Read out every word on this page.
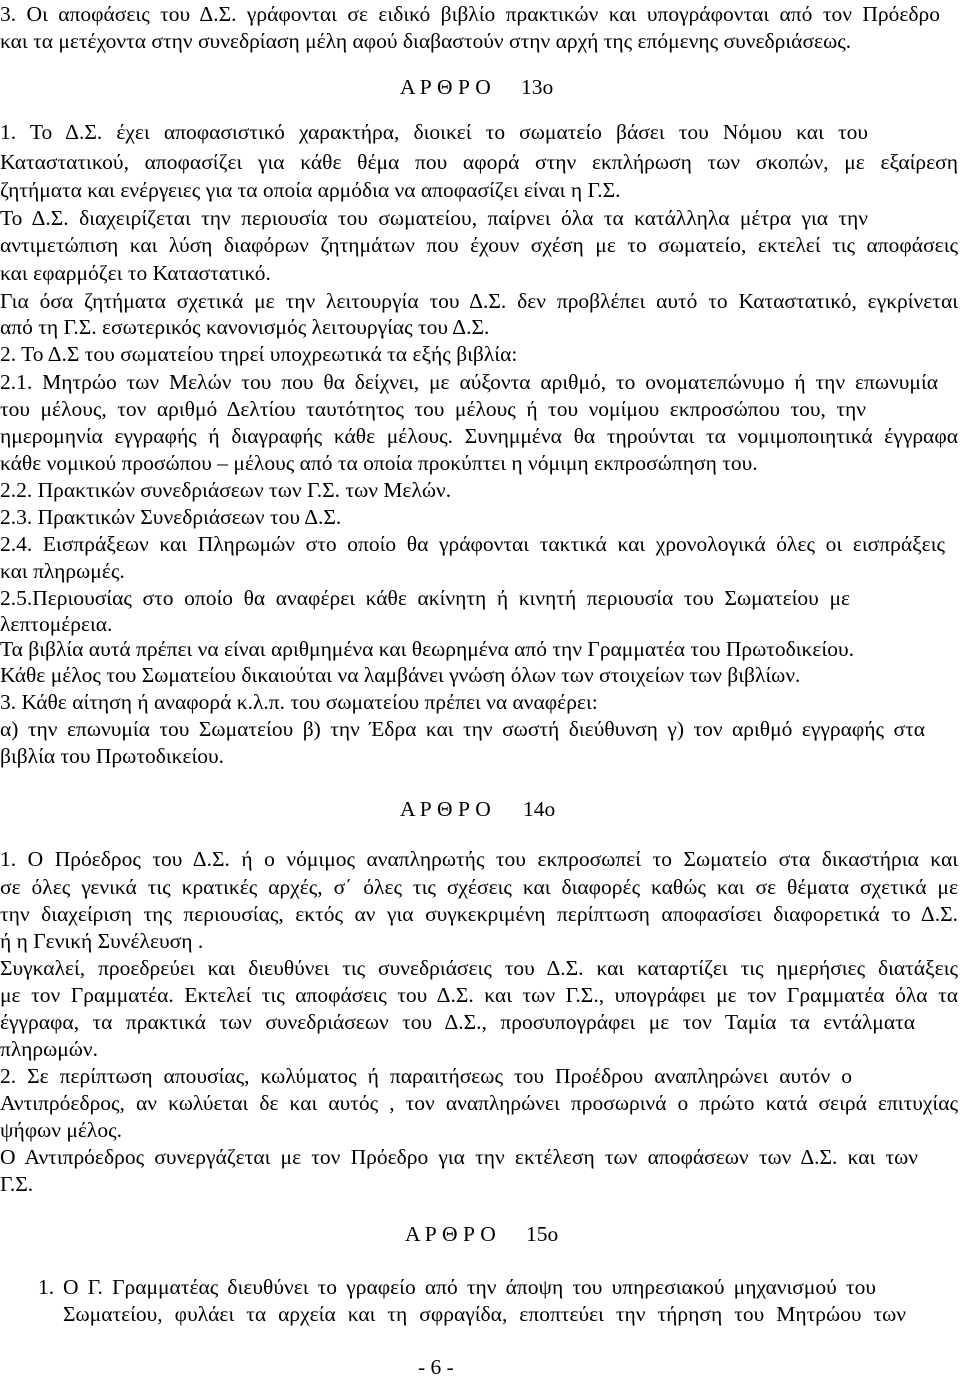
3. Οι αποφάσεις του Δ.Σ. γράφονται σε ειδικό βιβλίο πρακτικών και υπογράφονται από τον Πρόεδρο
και τα μετέχοντα στην συνεδρίαση μέλη αφού διαβαστούν στην αρχή της επόμενης συνεδριάσεως.
Α Ρ Θ Ρ Ο 13ο
1. Το Δ.Σ. έχει αποφασιστικό χαρακτήρα, διοικεί το σωματείο βάσει του Νόμου και του
Καταστατικού, αποφασίζει για κάθε θέμα που αφορά στην εκπλήρωση των σκοπών, με εξαίρεση
ζητήματα και ενέργειες για τα οποία αρμόδια να αποφασίζει είναι η Γ.Σ.
Το Δ.Σ. διαχειρίζεται την περιουσία του σωματείου, παίρνει όλα τα κατάλληλα μέτρα για την
αντιμετώπιση και λύση διαφόρων ζητημάτων που έχουν σχέση με το σωματείο, εκτελεί τις αποφάσεις
και εφαρμόζει το Καταστατικό.
Για όσα ζητήματα σχετικά με την λειτουργία του Δ.Σ. δεν προβλέπει αυτό το Καταστατικό, εγκρίνεται
από τη Γ.Σ. εσωτερικός κανονισμός λειτουργίας του Δ.Σ.
2. Το Δ.Σ του σωματείου τηρεί υποχρεωτικά τα εξής βιβλία:
2.1. Μητρώο των Μελών του που θα δείχνει, με αύξοντα αριθμό, το ονοματεπώνυμο ή την επωνυμία
του μέλους, τον αριθμό Δελτίου ταυτότητος του μέλους ή του νομίμου εκπροσώπου του, την
ημερομηνία εγγραφής ή διαγραφής κάθε μέλους. Συνημμένα θα τηρούνται τα νομιμοποιητικά έγγραφα
κάθε νομικού προσώπου – μέλους από τα οποία προκύπτει η νόμιμη εκπροσώπηση του.
2.2. Πρακτικών συνεδριάσεων των Γ.Σ. των Μελών.
2.3. Πρακτικών Συνεδριάσεων του Δ.Σ.
2.4. Εισπράξεων και Πληρωμών στο οποίο θα γράφονται τακτικά και χρονολογικά όλες οι εισπράξεις
και πληρωμές.
2.5.Περιουσίας στο οποίο θα αναφέρει κάθε ακίνητη ή κινητή περιουσία του Σωματείου με
λεπτομέρεια.
Τα βιβλία αυτά πρέπει να είναι αριθμημένα και θεωρημένα από την Γραμματέα του Πρωτοδικείου.
Κάθε μέλος του Σωματείου δικαιούται να λαμβάνει γνώση όλων των στοιχείων των βιβλίων.
3. Κάθε αίτηση ή αναφορά κ.λ.π. του σωματείου πρέπει να αναφέρει:
α) την επωνυμία του Σωματείου β) την Έδρα και την σωστή διεύθυνση γ) τον αριθμό εγγραφής στα
βιβλία του Πρωτοδικείου.
Α Ρ Θ Ρ Ο 14ο
1. Ο Πρόεδρος του Δ.Σ. ή ο νόμιμος αναπληρωτής του εκπροσωπεί το Σωματείο στα δικαστήρια και
σε όλες γενικά τις κρατικές αρχές, σ΄ όλες τις σχέσεις και διαφορές καθώς και σε θέματα σχετικά με
την διαχείριση της περιουσίας, εκτός αν για συγκεκριμένη περίπτωση αποφασίσει διαφορετικά το Δ.Σ.
ή η Γενική Συνέλευση .
Συγκαλεί, προεδρεύει και διευθύνει τις συνεδριάσεις του Δ.Σ. και καταρτίζει τις ημερήσιες διατάξεις
με τον Γραμματέα. Εκτελεί τις αποφάσεις του Δ.Σ. και των Γ.Σ., υπογράφει με τον Γραμματέα όλα τα
έγγραφα, τα πρακτικά των συνεδριάσεων του Δ.Σ., προσυπογράφει με τον Ταμία τα εντάλματα
πληρωμών.
2. Σε περίπτωση απουσίας, κωλύματος ή παραιτήσεως του Προέδρου αναπληρώνει αυτόν ο
Αντιπρόεδρος, αν κωλύεται δε και αυτός , τον αναπληρώνει προσωρινά ο πρώτο κατά σειρά επιτυχίας
ψήφων μέλος.
Ο Αντιπρόεδρος συνεργάζεται με τον Πρόεδρο για την εκτέλεση των αποφάσεων των Δ.Σ. και των
Γ.Σ.
Α Ρ Θ Ρ Ο 15ο
1. Ο Γ. Γραμματέας διευθύνει το γραφείο από την άποψη του υπηρεσιακού μηχανισμού του
Σωματείου, φυλάει τα αρχεία και τη σφραγίδα, εποπτεύει την τήρηση του Μητρώου των
- 6 -
